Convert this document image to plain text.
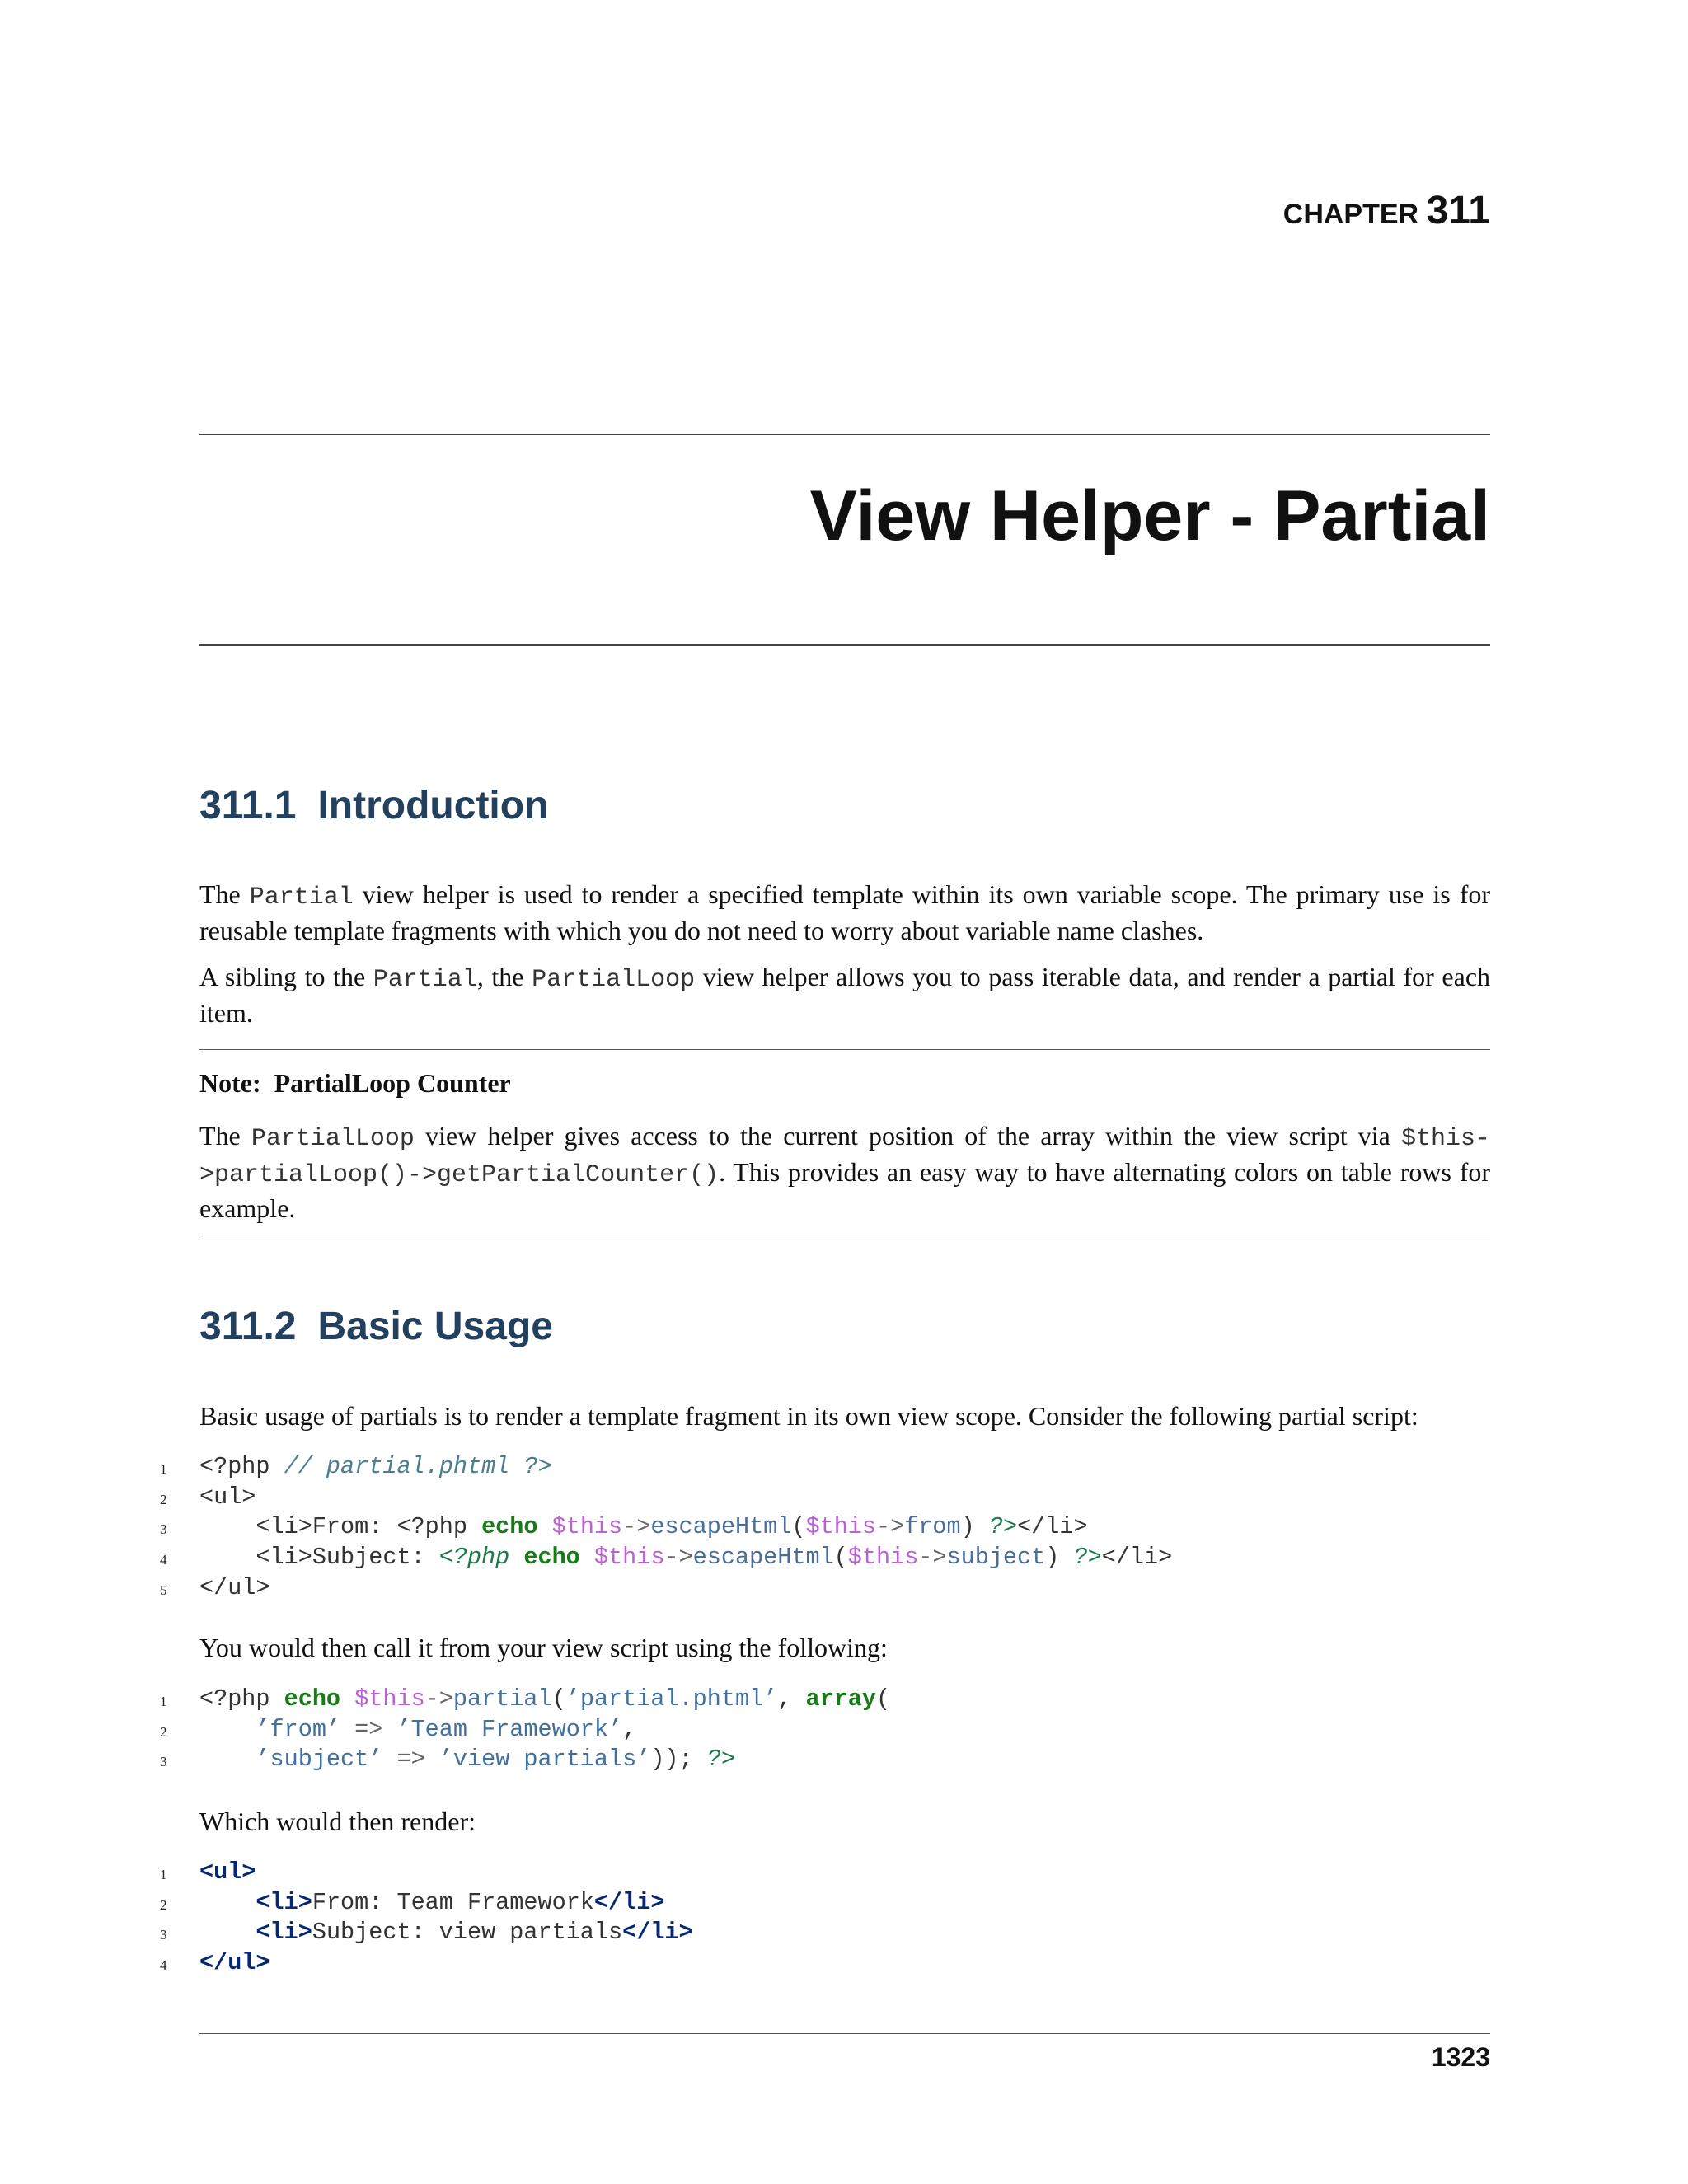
CHAPTER 311
View Helper - Partial
311.1 Introduction
The Partial view helper is used to render a specified template within its own variable scope. The primary use is for reusable template fragments with which you do not need to worry about variable name clashes.
A sibling to the Partial, the PartialLoop view helper allows you to pass iterable data, and render a partial for each item.
Note: PartialLoop Counter
The PartialLoop view helper gives access to the current position of the array within the view script via $this->partialLoop()->getPartialCounter(). This provides an easy way to have alternating colors on table rows for example.
311.2 Basic Usage
Basic usage of partials is to render a template fragment in its own view scope. Consider the following partial script:
1	<?php // partial.phtml ?>
2	<ul>
3	<li>From: <?php echo $this->escapeHtml($this->from) ?></li>
4	<li>Subject: <?php echo $this->escapeHtml($this->subject) ?></li>
5	</ul>
You would then call it from your view script using the following:
1	<?php echo $this->partial(’partial.phtml’, array(
2	’from’ => ’Team Framework’,
3	’subject’ => ’view partials’)); ?>
Which would then render:
1	<ul>
2	<li>From: Team Framework</li>
3	<li>Subject: view partials</li>
4	</ul>
1323
